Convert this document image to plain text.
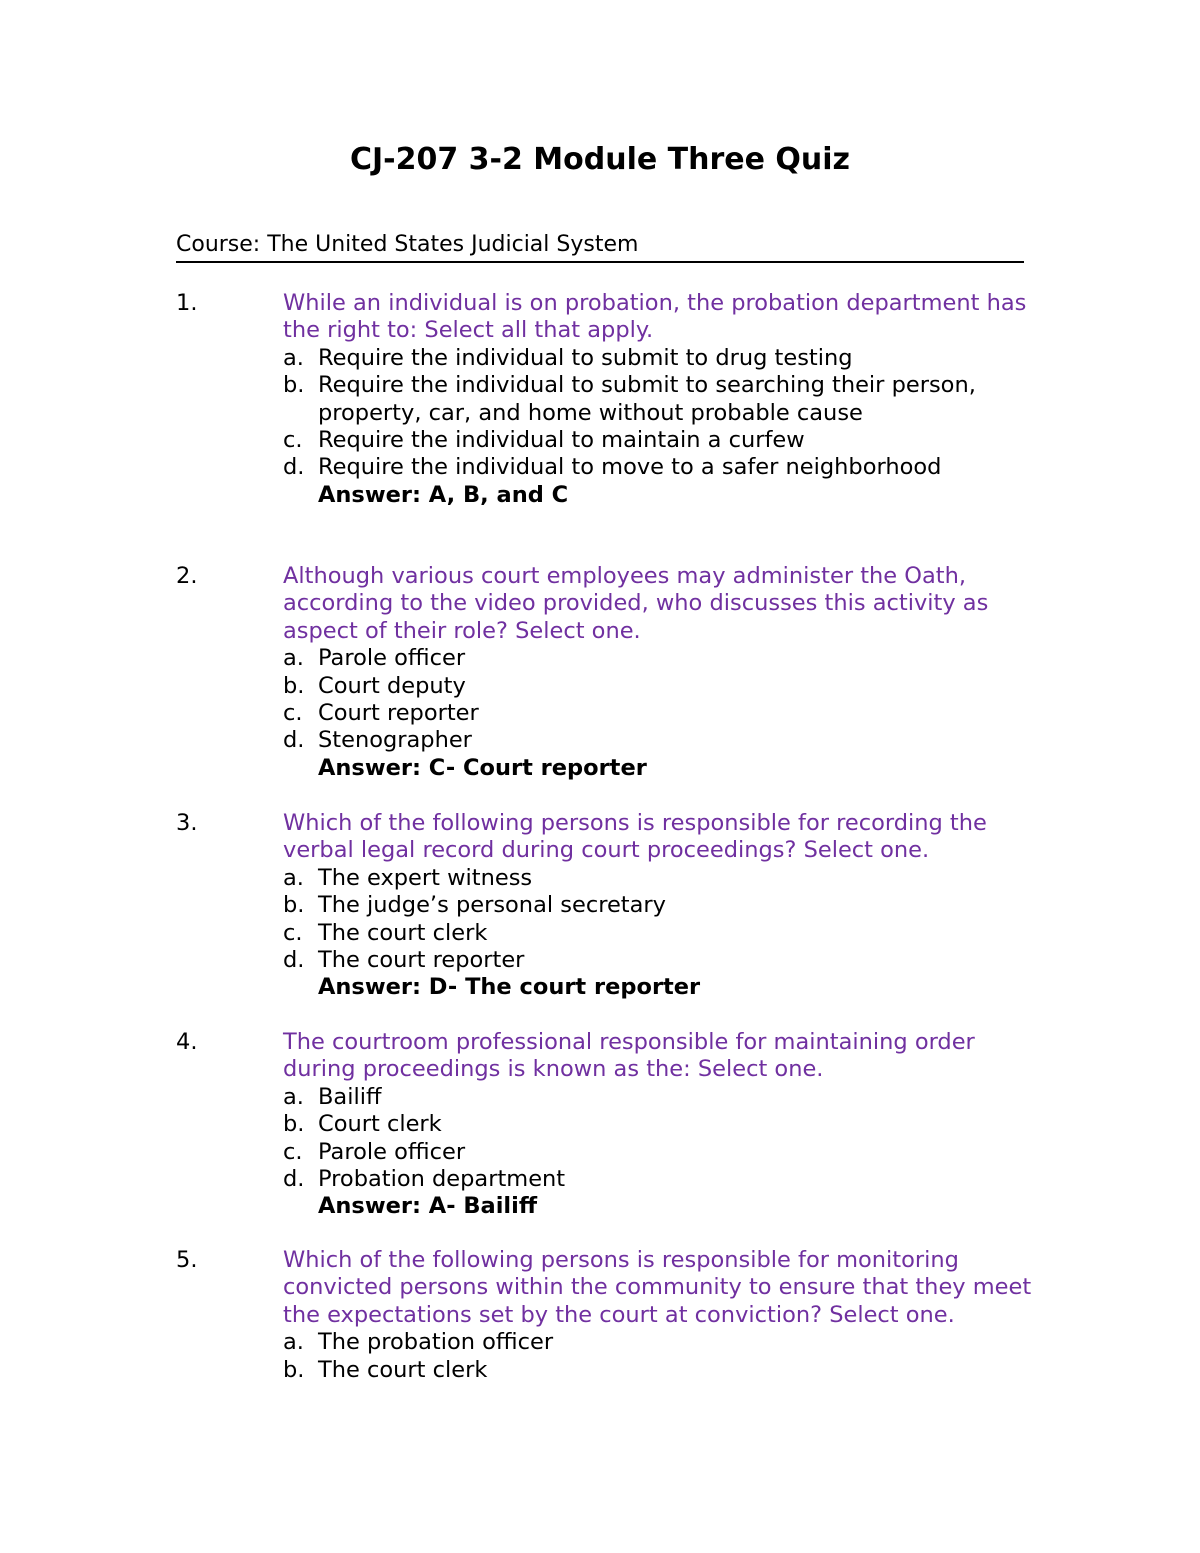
CJ-207 3-2 Module Three Quiz
Course: The United States Judicial System
1.	While an individual is on probation, the probation department has the right to: Select all that apply.
a. Require the individual to submit to drug testing
b. Require the individual to submit to searching their person, property, car, and home without probable cause
c. Require the individual to maintain a curfew
d. Require the individual to move to a safer neighborhood
Answer: A, B, and C
2.	Although various court employees may administer the Oath, according to the video provided, who discusses this activity as aspect of their role? Select one.
a. Parole officer
b. Court deputy
c. Court reporter
d. Stenographer
Answer: C- Court reporter
3.	Which of the following persons is responsible for recording the verbal legal record during court proceedings? Select one.
a. The expert witness
b. The judge’s personal secretary
c. The court clerk
d. The court reporter
Answer: D- The court reporter
4.	The courtroom professional responsible for maintaining order during proceedings is known as the: Select one.
a. Bailiff
b. Court clerk
c. Parole officer
d. Probation department
Answer: A- Bailiff
5.	Which of the following persons is responsible for monitoring convicted persons within the community to ensure that they meet the expectations set by the court at conviction? Select one.
a. The probation officer
b. The court clerk
